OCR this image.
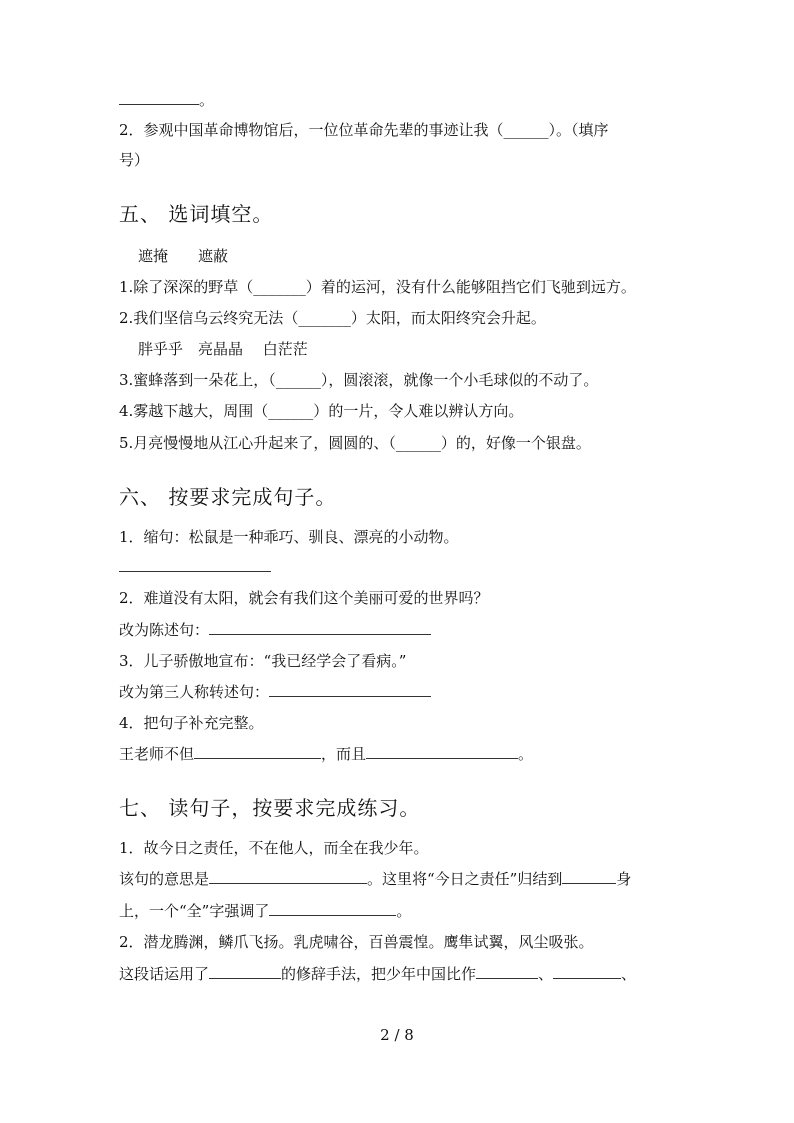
。
2．参观中国革命博物馆后，一位位革命先辈的事迹让我（______）。（填序
号）
五、 选词填空。
遮掩　　遮蔽
1.除了深深的野草（_______）着的运河，没有什么能够阻挡它们飞驰到远方。
2.我们坚信乌云终究无法（_______）太阳，而太阳终究会升起。
胖乎乎　亮晶晶　 白茫茫
3.蜜蜂落到一朵花上，（______），圆滚滚，就像一个小毛球似的不动了。
4.雾越下越大，周围（______）的一片，令人难以辨认方向。
5.月亮慢慢地从江心升起来了，圆圆的、（______）的，好像一个银盘。
六、 按要求完成句子。
1．缩句：松鼠是一种乖巧、驯良、漂亮的小动物。
2．难道没有太阳，就会有我们这个美丽可爱的世界吗？
改为陈述句：
3．儿子骄傲地宣布：“我已经学会了看病。”
改为第三人称转述句：
4．把句子补充完整。
王老师不但	，而且	。
七、 读句子，按要求完成练习。
1．故今日之责任，不在他人，而全在我少年。
该句的意思是	。这里将“今日之责任”归结到	身
上，一个“全”字强调了	。
2．潜龙腾渊，鳞爪飞扬。乳虎啸谷，百兽震惶。鹰隼试翼，风尘吸张。
这段话运用了	的修辞手法，把少年中国比作	、	、
2 / 8
